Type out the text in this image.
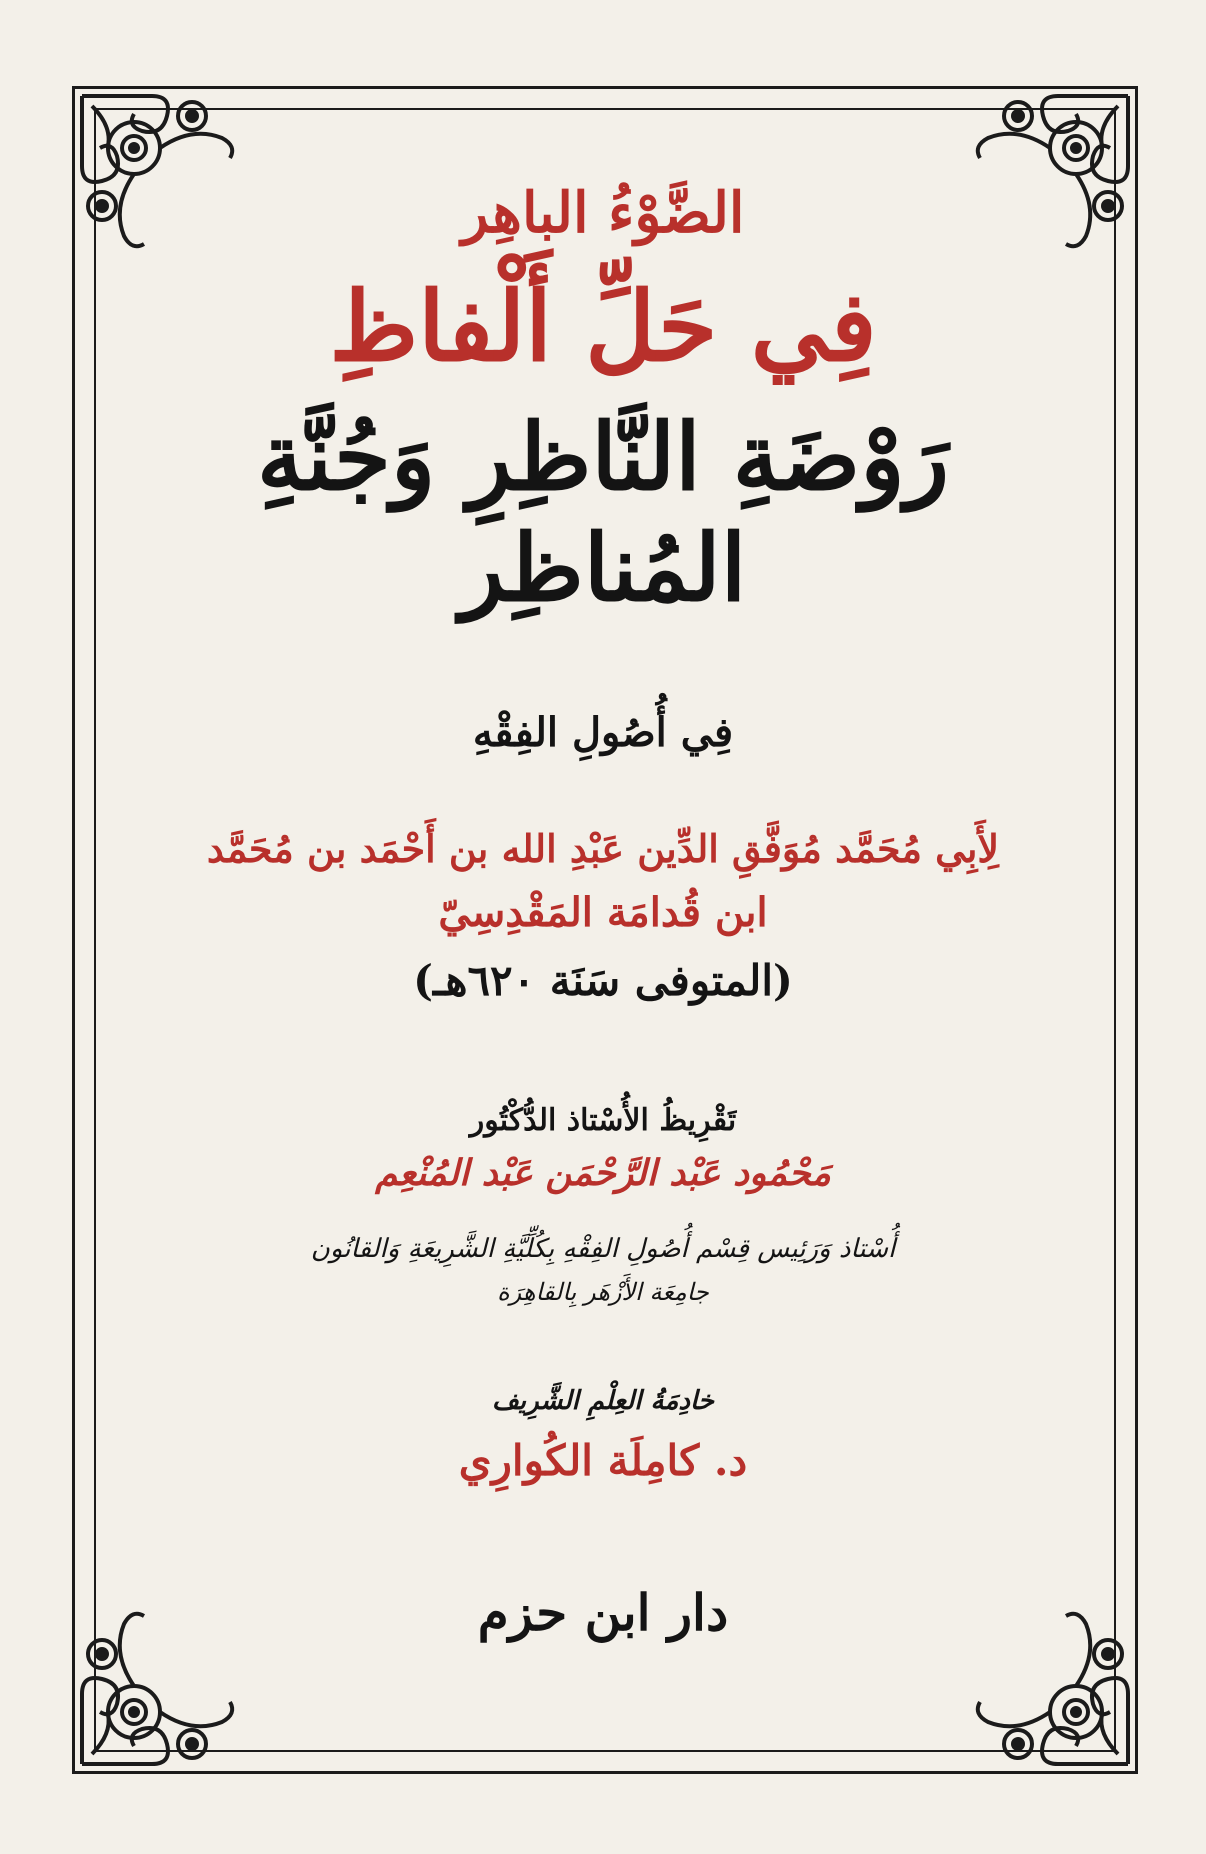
الضَّوْءُ الباهِر
فِي حَلِّ أَلْفاظِ
رَوْضَةِ النَّاظِرِ وَجُنَّةِ المُناظِر
فِي أُصُولِ الفِقْهِ
لِأَبِي مُحَمَّد مُوَفَّقِ الدِّين عَبْدِ الله بن أَحْمَد بن مُحَمَّد
ابن قُدامَة المَقْدِسِيّ
(المتوفى سَنَة ٦٢٠هـ)
تَقْرِيظُ الأُسْتاذ الدُّكْتُور
مَحْمُود عَبْد الرَّحْمَن عَبْد المُنْعِم
أُسْتاذ وَرَئِيس قِسْم أُصُولِ الفِقْهِ بِكُلِّيَّةِ الشَّرِيعَةِ وَالقانُون
جامِعَة الأَزْهَر بِالقاهِرَة
خادِمَةُ العِلْمِ الشَّرِيف
د. كامِلَة الكُوارِي
دار ابن حزم
